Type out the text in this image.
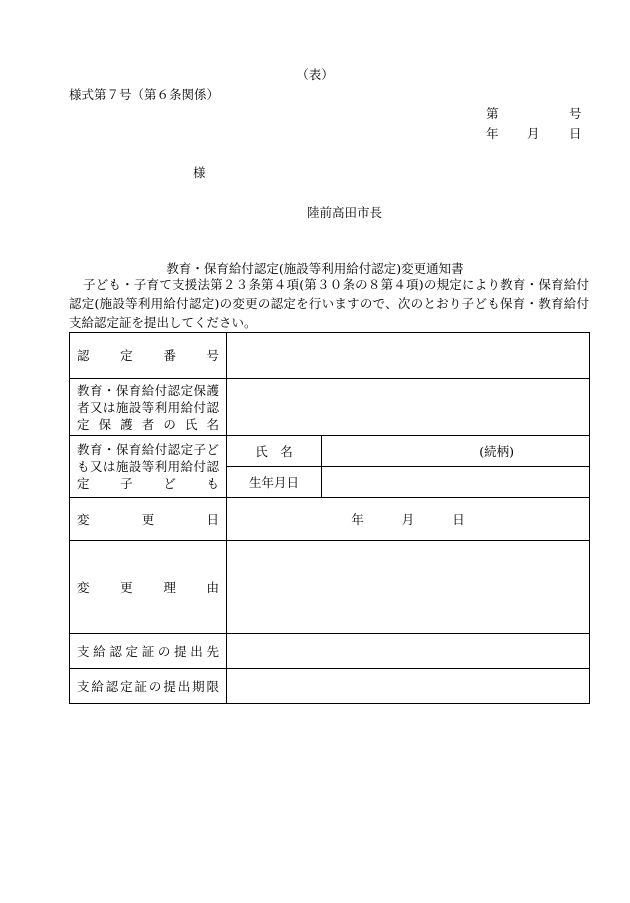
（表）
様式第７号（第６条関係）
第	号
年 月 日
様
陸前高田市長
教育・保育給付認定(施設等利用給付認定)変更通知書
子ども・子育て支援法第２３条第４項(第３０条の８第４項)の規定により教育・保育給付認定(施設等利用給付認定)の変更の認定を行いますので、次のとおり子ども保育・教育給付支給認定証を提出してください。
認　定　番　号		
教育・保育給付認定保護者又は施設等利用給付認定保護者の氏名		
教育・保育給付認定子ども又は施設等利用給付認定子ども	氏　名	(続柄)
	生年月日	
変　　更　　日	年 月 日	
変　更　理　由		
支給認定証の提出先		
支給認定証の提出期限		
